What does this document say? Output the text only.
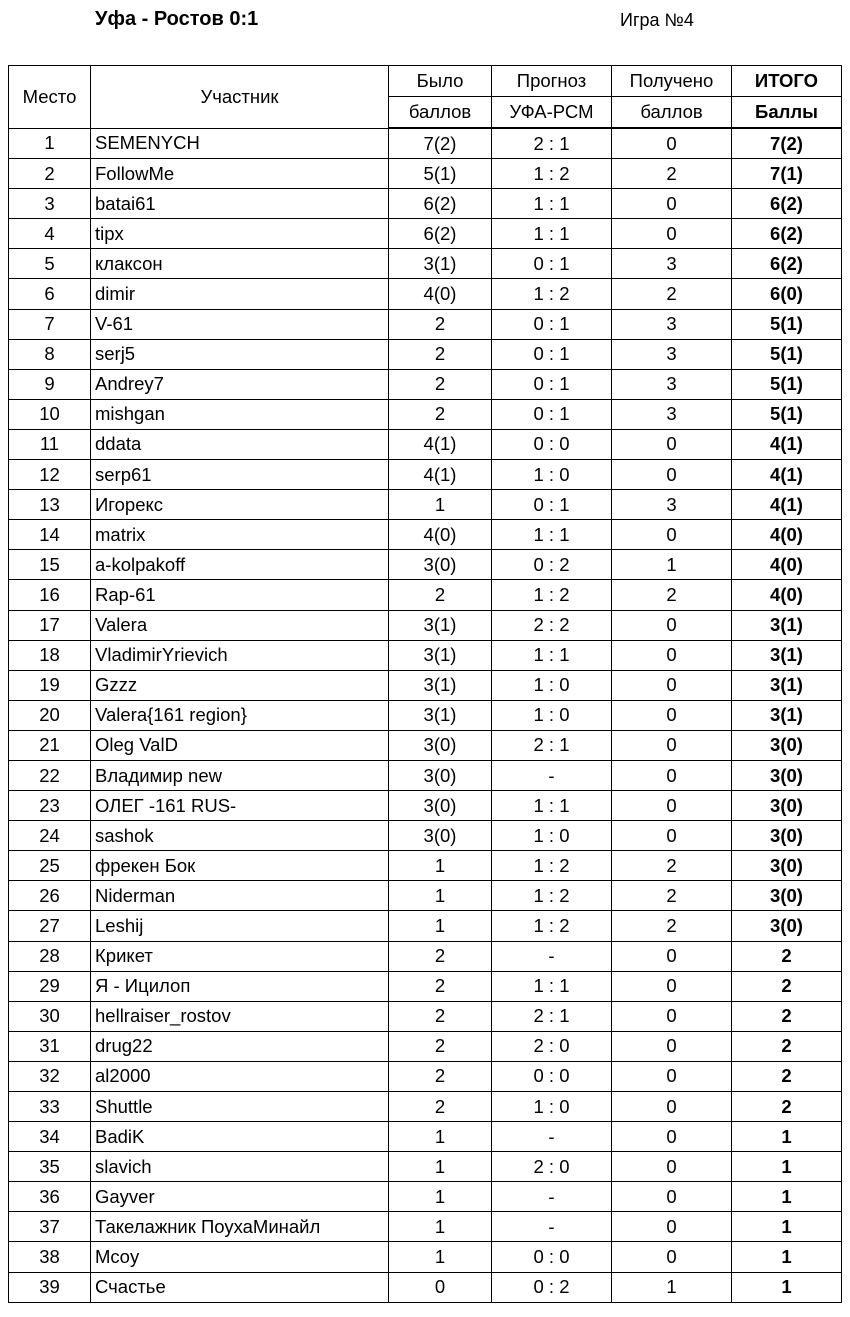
Уфа - Ростов 0:1	Игра №4
Место	Участник	Было	Прогноз	Получено	ИТОГО
		баллов	УФА-РСМ	баллов	Баллы
1	SEMENYCH	7(2)	2 : 1	0	7(2)
2	FollowMe	5(1)	1 : 2	2	7(1)
3	batai61	6(2)	1 : 1	0	6(2)
4	tipx	6(2)	1 : 1	0	6(2)
5	клаксон	3(1)	0 : 1	3	6(2)
6	dimir	4(0)	1 : 2	2	6(0)
7	V-61	2	0 : 1	3	5(1)
8	serj5	2	0 : 1	3	5(1)
9	Andrey7	2	0 : 1	3	5(1)
10	mishgan	2	0 : 1	3	5(1)
11	ddata	4(1)	0 : 0	0	4(1)
12	serp61	4(1)	1 : 0	0	4(1)
13	Игорекс	1	0 : 1	3	4(1)
14	matrix	4(0)	1 : 1	0	4(0)
15	a-kolpakoff	3(0)	0 : 2	1	4(0)
16	Rap-61	2	1 : 2	2	4(0)
17	Valera	3(1)	2 : 2	0	3(1)
18	VladimirYrievich	3(1)	1 : 1	0	3(1)
19	Gzzz	3(1)	1 : 0	0	3(1)
20	Valera{161 region}	3(1)	1 : 0	0	3(1)
21	Oleg ValD	3(0)	2 : 1	0	3(0)
22	Владимир new	3(0)	-	0	3(0)
23	ОЛЕГ -161 RUS-	3(0)	1 : 1	0	3(0)
24	sashok	3(0)	1 : 0	0	3(0)
25	фрекен Бок	1	1 : 2	2	3(0)
26	Niderman	1	1 : 2	2	3(0)
27	Leshij	1	1 : 2	2	3(0)
28	Крикет	2	-	0	2
29	Я - Ицилоп	2	1 : 1	0	2
30	hellraiser_rostov	2	2 : 1	0	2
31	drug22	2	2 : 0	0	2
32	al2000	2	0 : 0	0	2
33	Shuttle	2	1 : 0	0	2
34	BadiK	1	-	0	1
35	slavich	1	2 : 0	0	1
36	Gayver	1	-	0	1
37	Такелажник ПоухаМинайл	1	-	0	1
38	Mcoy	1	0 : 0	0	1
39	Счастье	0	0 : 2	1	1
